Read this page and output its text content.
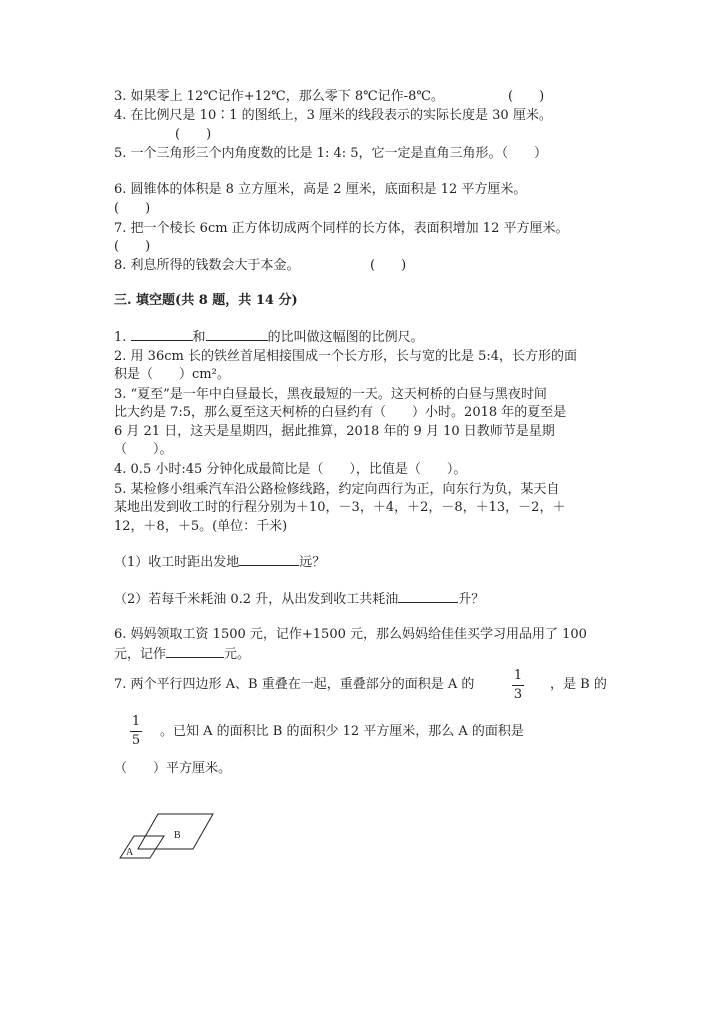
3. 如果零上 12℃记作+12℃，那么零下 8℃记作-8℃。	(　　)
4. 在比例尺是 10∶1 的图纸上，3 厘米的线段表示的实际长度是 30 厘米。
(　　)
5. 一个三角形三个内角度数的比是 1: 4: 5，它一定是直角三角形。（　　）
6. 圆锥体的体积是 8 立方厘米，高是 2 厘米，底面积是 12 平方厘米。
(　　)
7. 把一个棱长 6cm 正方体切成两个同样的长方体，表面积增加 12 平方厘米。
(　　)
8. 利息所得的钱数会大于本金。	(　　)
三. 填空题(共 8 题，共 14 分)
1.	和	的比叫做这幅图的比例尺。
2. 用 36cm 长的铁丝首尾相接围成一个长方形，长与宽的比是 5:4，长方形的面
积是（　　）cm²。
3. “夏至”是一年中白昼最长，黑夜最短的一天。这天柯桥的白昼与黑夜时间
比大约是 7:5，那么夏至这天柯桥的白昼约有（　　）小时。2018 年的夏至是
6 月 21 日，这天是星期四，据此推算，2018 年的 9 月 10 日教师节是星期
（　　）。
4. 0.5 小时:45 分钟化成最简比是（　　），比值是（　　）。
5. 某检修小组乘汽车沿公路检修线路，约定向西行为正，向东行为负，某天自
某地出发到收工时的行程分别为＋10，－3，＋4，＋2，－8，＋13，－2，＋
12，＋8，＋5。(单位：千米)
（1）收工时距出发地	远？
（2）若每千米耗油 0.2 升，从出发到收工共耗油	升？
6. 妈妈领取工资 1500 元，记作+1500 元，那么妈妈给佳佳买学习用品用了 100
元，记作	元。
7. 两个平行四边形 A、B 重叠在一起，重叠部分的面积是 A 的
1
3
，是 B 的
1
5
。已知 A 的面积比 B 的面积少 12 平方厘米，那么 A 的面积是
（　　）平方厘米。
A
B
